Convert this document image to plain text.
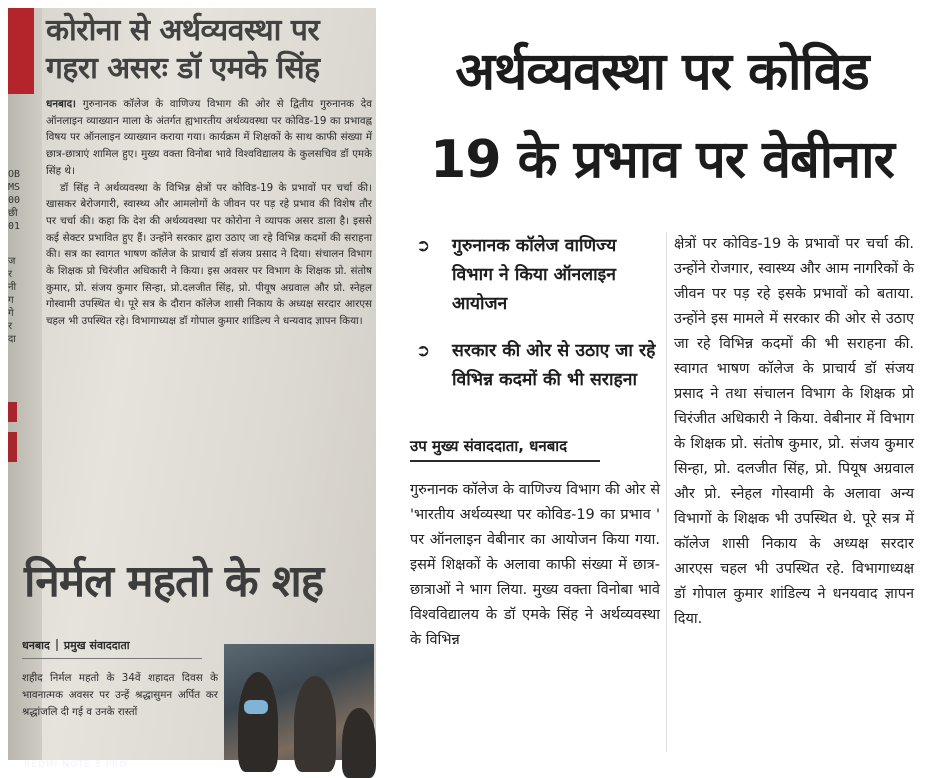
OB
MS
00
छी
01
ज
र
नी
ग
गे
र
दा
कोरोना से अर्थव्यवस्था पर
गहरा असरः डॉ एमके सिंह

धनबाद। गुरुनानक कॉलेज के वाणिज्य विभाग की ओर से द्वितीय गुरुनानक देव ऑनलाइन व्याख्यान माला के अंतर्गत ह्यभारतीय अर्थव्यवस्था पर कोविड-19 का प्रभावह्न विषय पर ऑनलाइन व्याख्यान कराया गया। कार्यक्रम में शिक्षकों के साथ काफी संख्या में छात्र-छात्राएं शामिल हुए। मुख्य वक्ता विनोबा भावे विश्वविद्यालय के कुलसचिव डॉ एमके सिंह थे।

डॉ सिंह ने अर्थव्यवस्था के विभिन्न क्षेत्रों पर कोविड-19 के प्रभावों पर चर्चा की। खासकर बेरोजगारी, स्वास्थ्य और आमलोगों के जीवन पर पड़ रहे प्रभाव की विशेष तौर पर चर्चा की। कहा कि देश की अर्थव्यवस्था पर कोरोना ने व्यापक असर डाला है। इससे कई सेक्टर प्रभावित हुए हैं। उन्होंने सरकार द्वारा उठाए जा रहे विभिन्न कदमों की सराहना की। सत्र का स्वागत भाषण कॉलेज के प्राचार्य डॉ संजय प्रसाद ने दिया। संचालन विभाग के शिक्षक प्रो चिरंजीत अधिकारी ने किया। इस अवसर पर विभाग के शिक्षक प्रो. संतोष कुमार, प्रो. संजय कुमार सिन्हा, प्रो.दलजीत सिंह, प्रो. पीयूष अग्रवाल और प्रो. स्नेहल गोस्वामी उपस्थित थे। पूरे सत्र के दौरान कॉलेज शासी निकाय के अध्यक्ष सरदार आरएस चहल भी उपस्थित रहे। विभागाध्यक्ष डॉ गोपाल कुमार शांडिल्य ने धन्यवाद ज्ञापन किया।

निर्मल महतो के शह
धनबाद प्रमुख संवाददाता
शहीद निर्मल महतो के 34वें शहादत दिवस के भावनात्मक अवसर पर उन्हें श्रद्धासुमन अर्पित कर श्रद्धांजलि दी गई व उनके रास्तों
REDMI NOTE 5 PRO
अर्थव्यवस्था पर कोविड
19 के प्रभाव पर वेबीनार
➲	गुरुनानक कॉलेज वाणिज्य विभाग ने किया ऑनलाइन आयोजन
➲	सरकार की ओर से उठाए जा रहे विभिन्न कदमों की भी सराहना
उप मुख्य संवाददाता, धनबाद
गुरुनानक कॉलेज के वाणिज्य विभाग की ओर से 'भारतीय अर्थव्यस्था पर कोविड-19 का प्रभाव ' पर ऑनलाइन वेबीनार का आयोजन किया गया. इसमें शिक्षकों के अलावा काफी संख्या में छात्र-छात्राओं ने भाग लिया. मुख्य वक्ता विनोबा भावे विश्वविद्यालय के डॉ एमके सिंह ने अर्थव्यवस्था के विभिन्न
क्षेत्रों पर कोविड-19 के प्रभावों पर चर्चा की. उन्होंने रोजगार, स्वास्थ्य और आम नागरिकों के जीवन पर पड़ रहे इसके प्रभावों को बताया. उन्होंने इस मामले में सरकार की ओर से उठाए जा रहे विभिन्न कदमों की भी सराहना की. स्वागत भाषण कॉलेज के प्राचार्य डॉ संजय प्रसाद ने तथा संचालन विभाग के शिक्षक प्रो चिरंजीत अधिकारी ने किया. वेबीनार में विभाग के शिक्षक प्रो. संतोष कुमार, प्रो. संजय कुमार सिन्हा, प्रो. दलजीत सिंह, प्रो. पियूष अग्रवाल और प्रो. स्नेहल गोस्वामी के अलावा अन्य विभागों के शिक्षक भी उपस्थित थे. पूरे सत्र में कॉलेज शासी निकाय के अध्यक्ष सरदार आरएस चहल भी उपस्थित रहे. विभागाध्यक्ष डॉ गोपाल कुमार शांडिल्य ने धनयवाद ज्ञापन दिया.
